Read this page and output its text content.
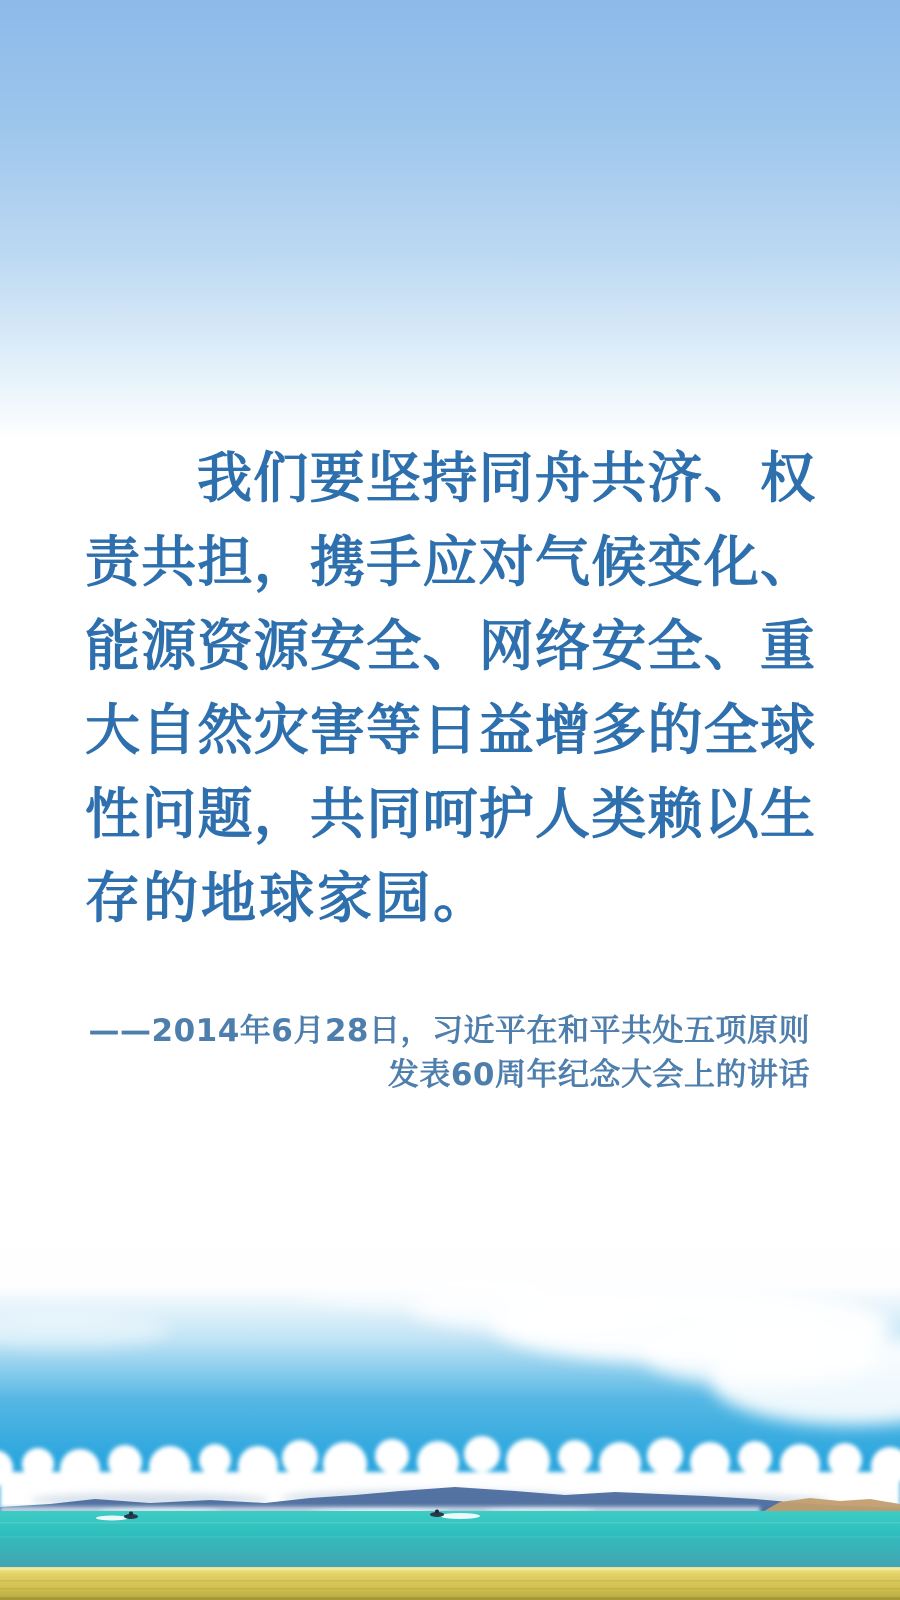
我们要坚持同舟共济、权
责共担，携手应对气候变化、
能源资源安全、网络安全、重
大自然灾害等日益增多的全球
性问题，共同呵护人类赖以生
存的地球家园。
——2014年6月28日，习近平在和平共处五项原则
发表60周年纪念大会上的讲话
